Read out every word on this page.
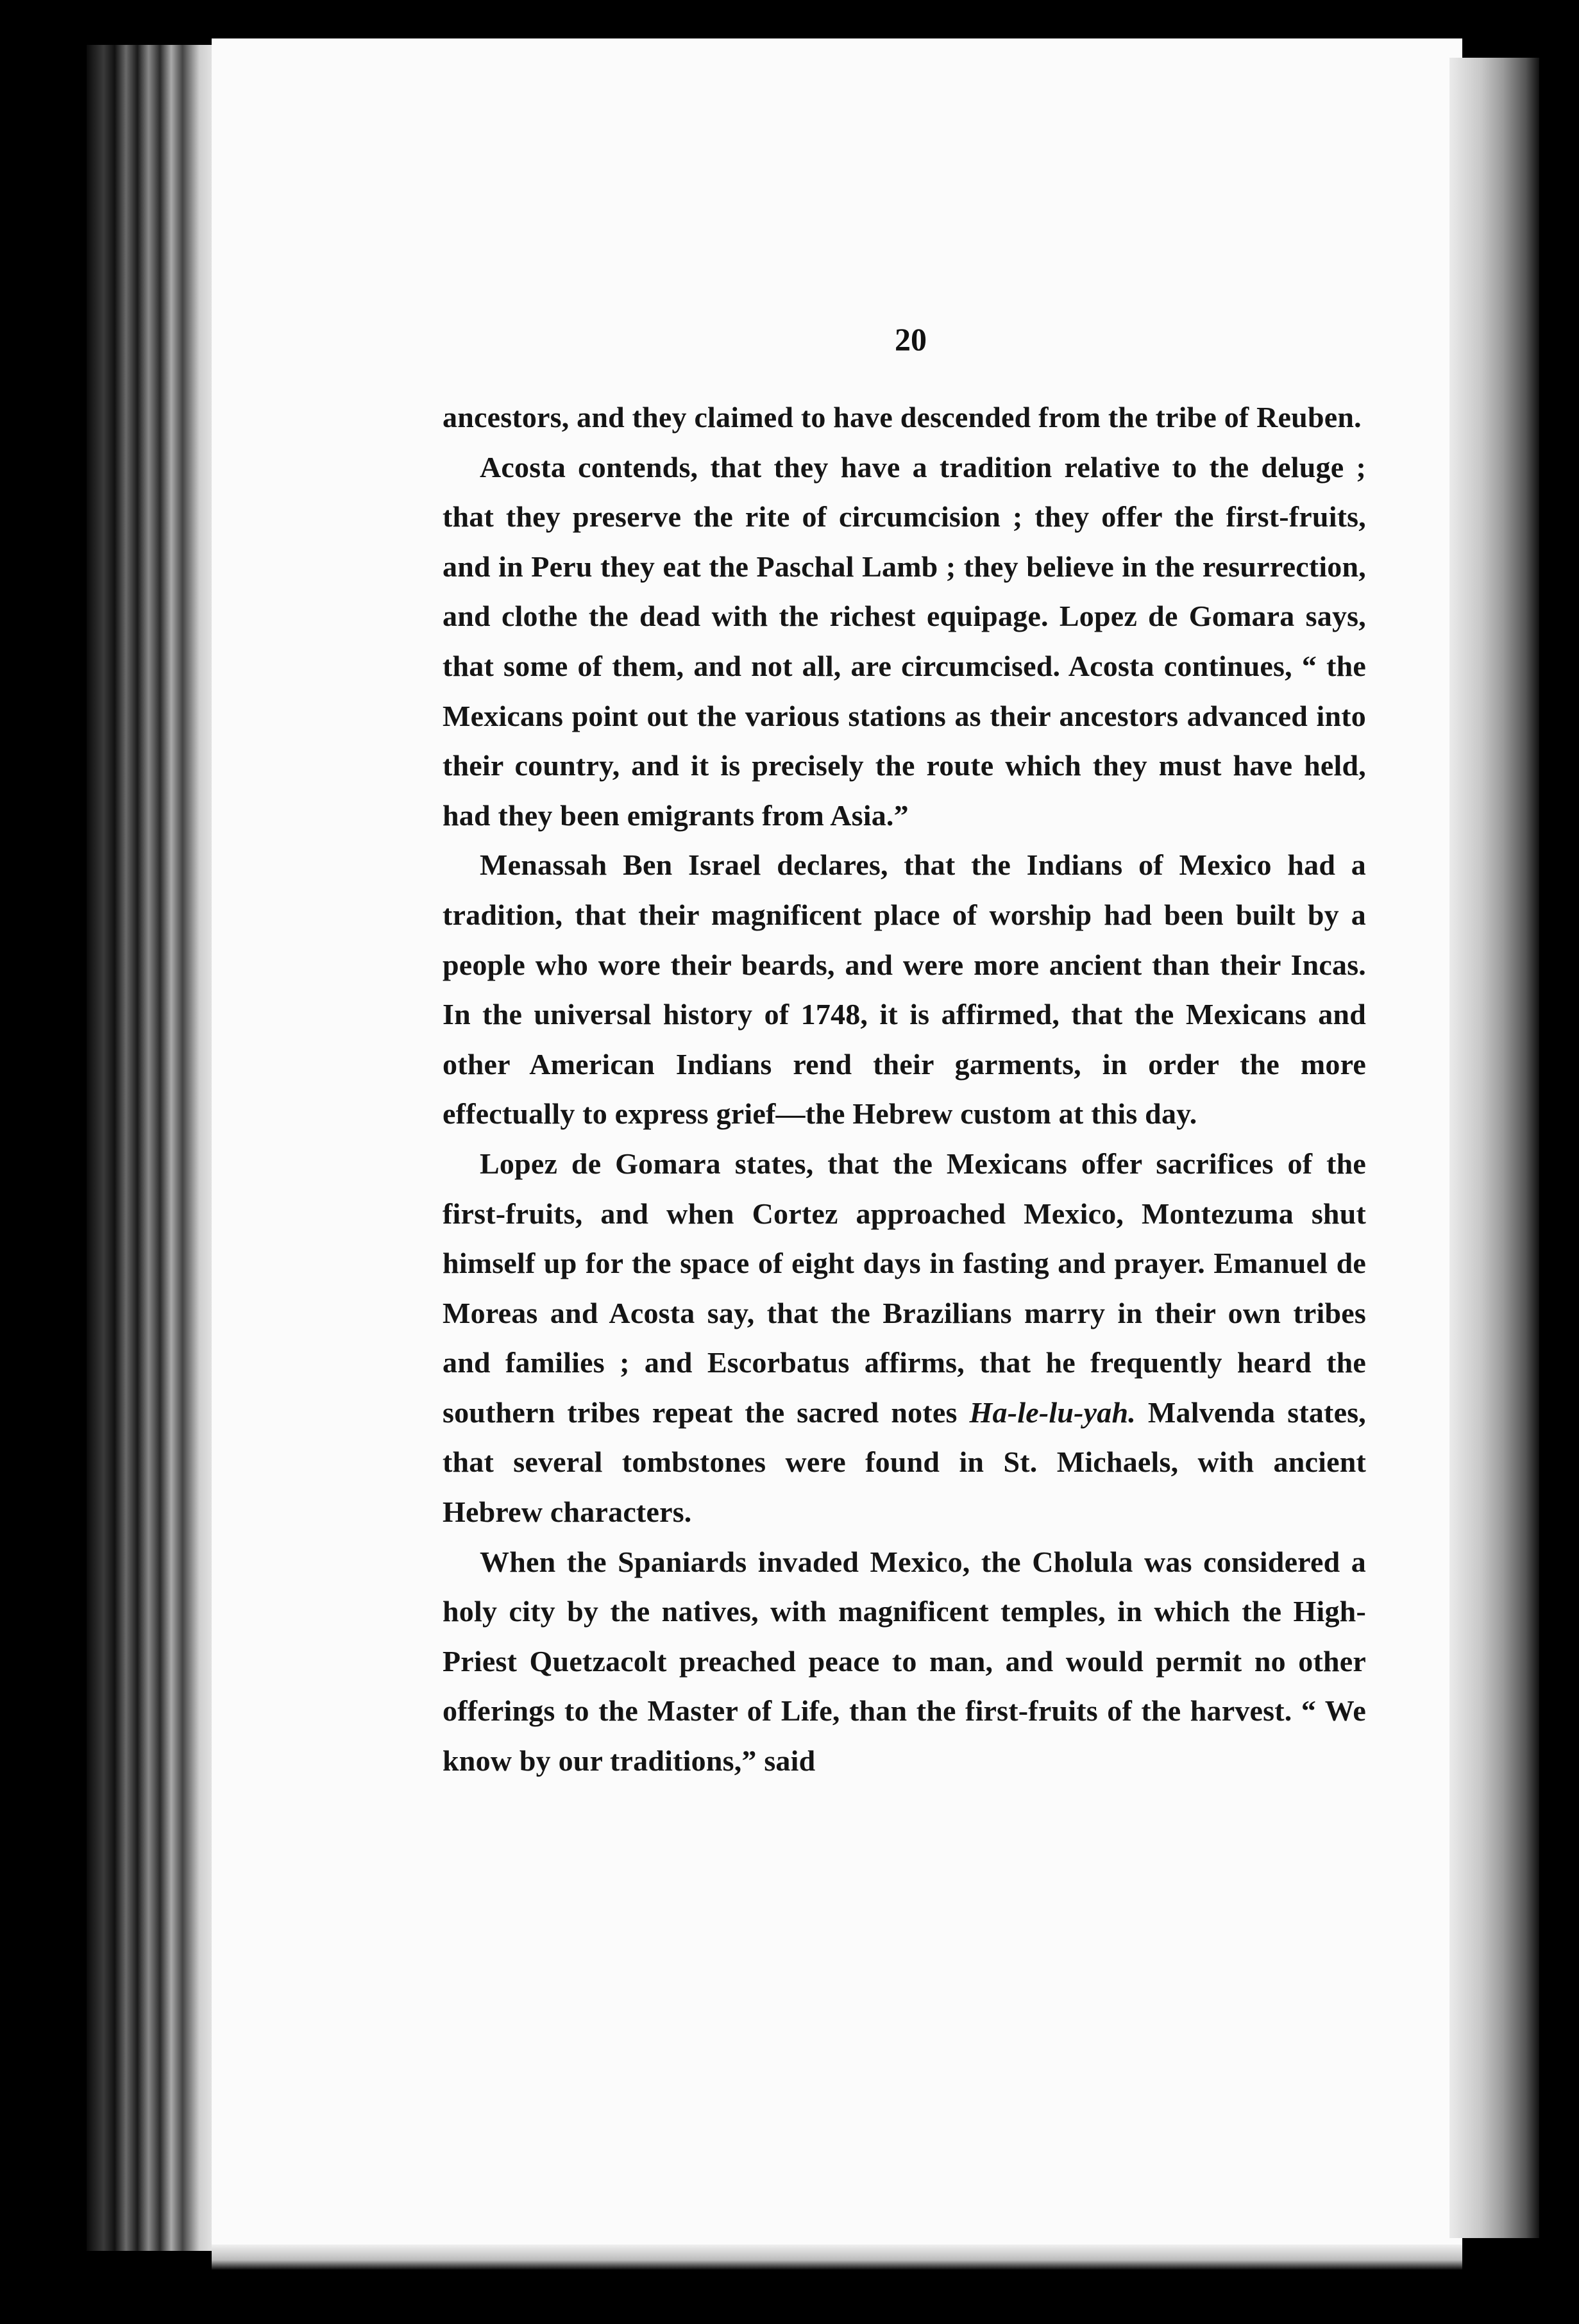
20

ancestors, and they claimed to have descended from the tribe of Reuben.

Acosta contends, that they have a tradition relative to the deluge ; that they preserve the rite of circumcision ; they offer the first-fruits, and in Peru they eat the Paschal Lamb ; they believe in the resurrection, and clothe the dead with the richest equipage. Lopez de Gomara says, that some of them, and not all, are circumcised. Acosta continues, “ the Mexicans point out the various stations as their ancestors advanced into their country, and it is precisely the route which they must have held, had they been emigrants from Asia.”

Menassah Ben Israel declares, that the Indians of Mexico had a tradition, that their magnificent place of worship had been built by a people who wore their beards, and were more ancient than their Incas. In the universal history of 1748, it is affirmed, that the Mexicans and other American Indians rend their garments, in order the more effectually to express grief—the Hebrew custom at this day.

Lopez de Gomara states, that the Mexicans offer sacrifices of the first-fruits, and when Cortez approached Mexico, Montezuma shut himself up for the space of eight days in fasting and prayer. Emanuel de Moreas and Acosta say, that the Brazilians marry in their own tribes and families ; and Escorbatus affirms, that he frequently heard the southern tribes repeat the sacred notes Ha-le-lu-yah. Malvenda states, that several tombstones were found in St. Michaels, with ancient Hebrew characters.

When the Spaniards invaded Mexico, the Cholula was considered a holy city by the natives, with magnificent temples, in which the High-Priest Quetzacolt preached peace to man, and would permit no other offerings to the Master of Life, than the first-fruits of the harvest. “ We know by our traditions,” said
